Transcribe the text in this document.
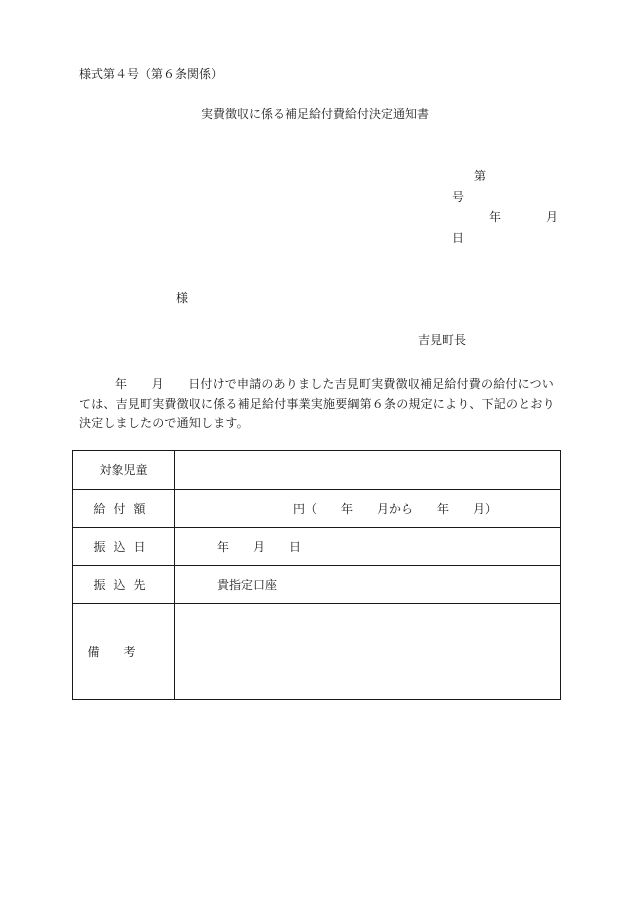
様式第４号（第６条関係）
実費徴収に係る補足給付費給付決定通知書
第
号
年	月
日
様
吉見町長
年　　月　　日付けで申請のありました吉見町実費徴収補足給付費の給付については、吉見町実費徴収に係る補足給付事業実施要綱第６条の規定により、下記のとおり決定しましたので通知します。
対象児童	
給付額	円（　　年　　月から　　年　　月）
振込日	年　　月　　日
振込先	貴指定口座
備考	
